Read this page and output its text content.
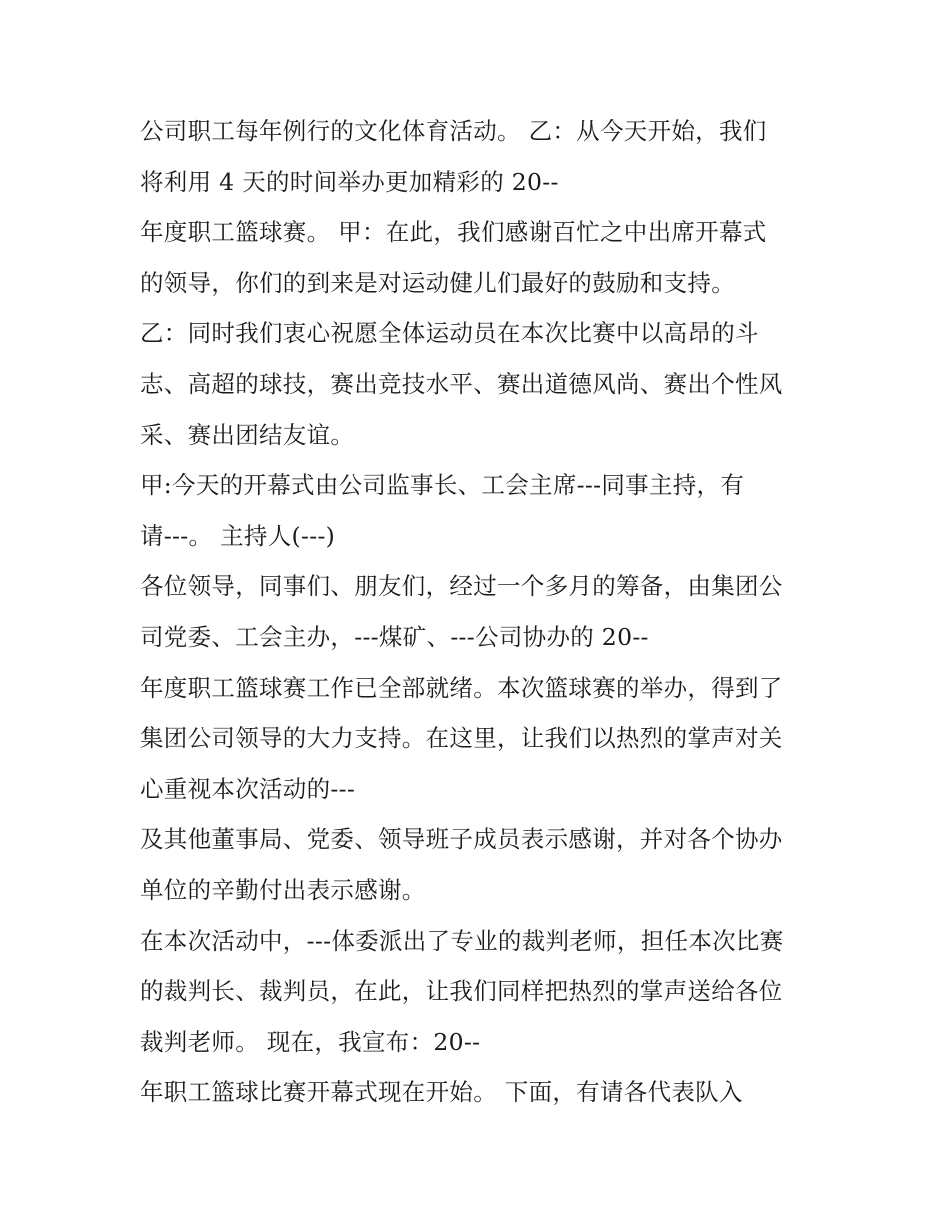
公司职工每年例行的文化体育活动。 乙：从今天开始，我们
将利用 4 天的时间举办更加精彩的 20--
年度职工篮球赛。 甲：在此，我们感谢百忙之中出席开幕式
的领导，你们的到来是对运动健儿们最好的鼓励和支持。
乙：同时我们衷心祝愿全体运动员在本次比赛中以高昂的斗
志、高超的球技，赛出竞技水平、赛出道德风尚、赛出个性风
采、赛出团结友谊。
甲:今天的开幕式由公司监事长、工会主席---同事主持，有
请---。 主持人(---)
各位领导，同事们、朋友们，经过一个多月的筹备，由集团公
司党委、工会主办，---煤矿、---公司协办的 20--
年度职工篮球赛工作已全部就绪。本次篮球赛的举办，得到了
集团公司领导的大力支持。在这里，让我们以热烈的掌声对关
心重视本次活动的---
及其他董事局、党委、领导班子成员表示感谢，并对各个协办
单位的辛勤付出表示感谢。
在本次活动中，---体委派出了专业的裁判老师，担任本次比赛
的裁判长、裁判员，在此，让我们同样把热烈的掌声送给各位
裁判老师。 现在，我宣布：20--
年职工篮球比赛开幕式现在开始。 下面，有请各代表队入
